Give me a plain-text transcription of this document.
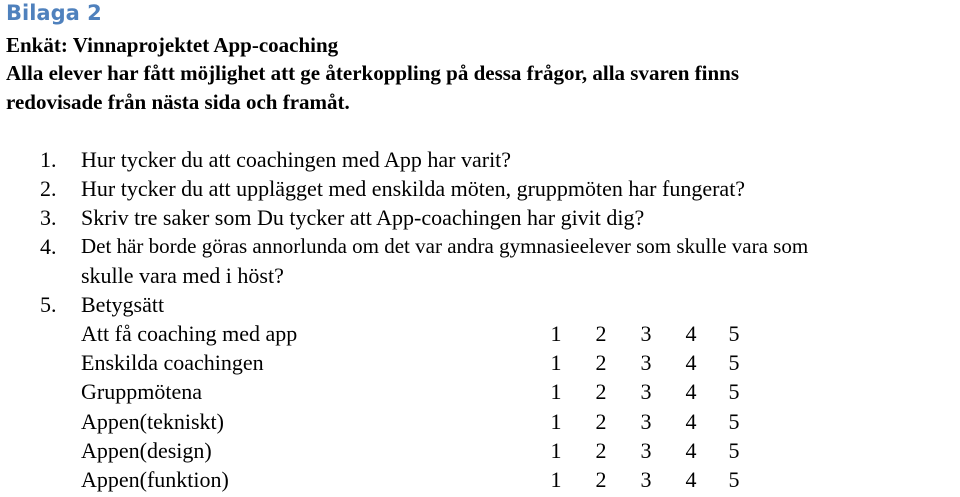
Bilaga 2
Enkät: Vinnaprojektet App-coaching
Alla elever har fått möjlighet att ge återkoppling på dessa frågor, alla svaren finns
redovisade från nästa sida och framåt.
1. Hur tycker du att coachingen med App har varit?
2. Hur tycker du att upplägget med enskilda möten, gruppmöten har fungerat?
3. Skriv tre saker som Du tycker att App-coachingen har givit dig?
4. Det här borde göras annorlunda om det var andra gymnasieelever som skulle vara som
skulle vara med i höst?
5. Betygsätt
Att få coaching med app	1 2 3 4 5
Enskilda coachingen	1 2 3 4 5
Gruppmötena	1 2 3 4 5
Appen(tekniskt)	1 2 3 4 5
Appen(design)	1 2 3 4 5
Appen(funktion)	1 2 3 4 5
